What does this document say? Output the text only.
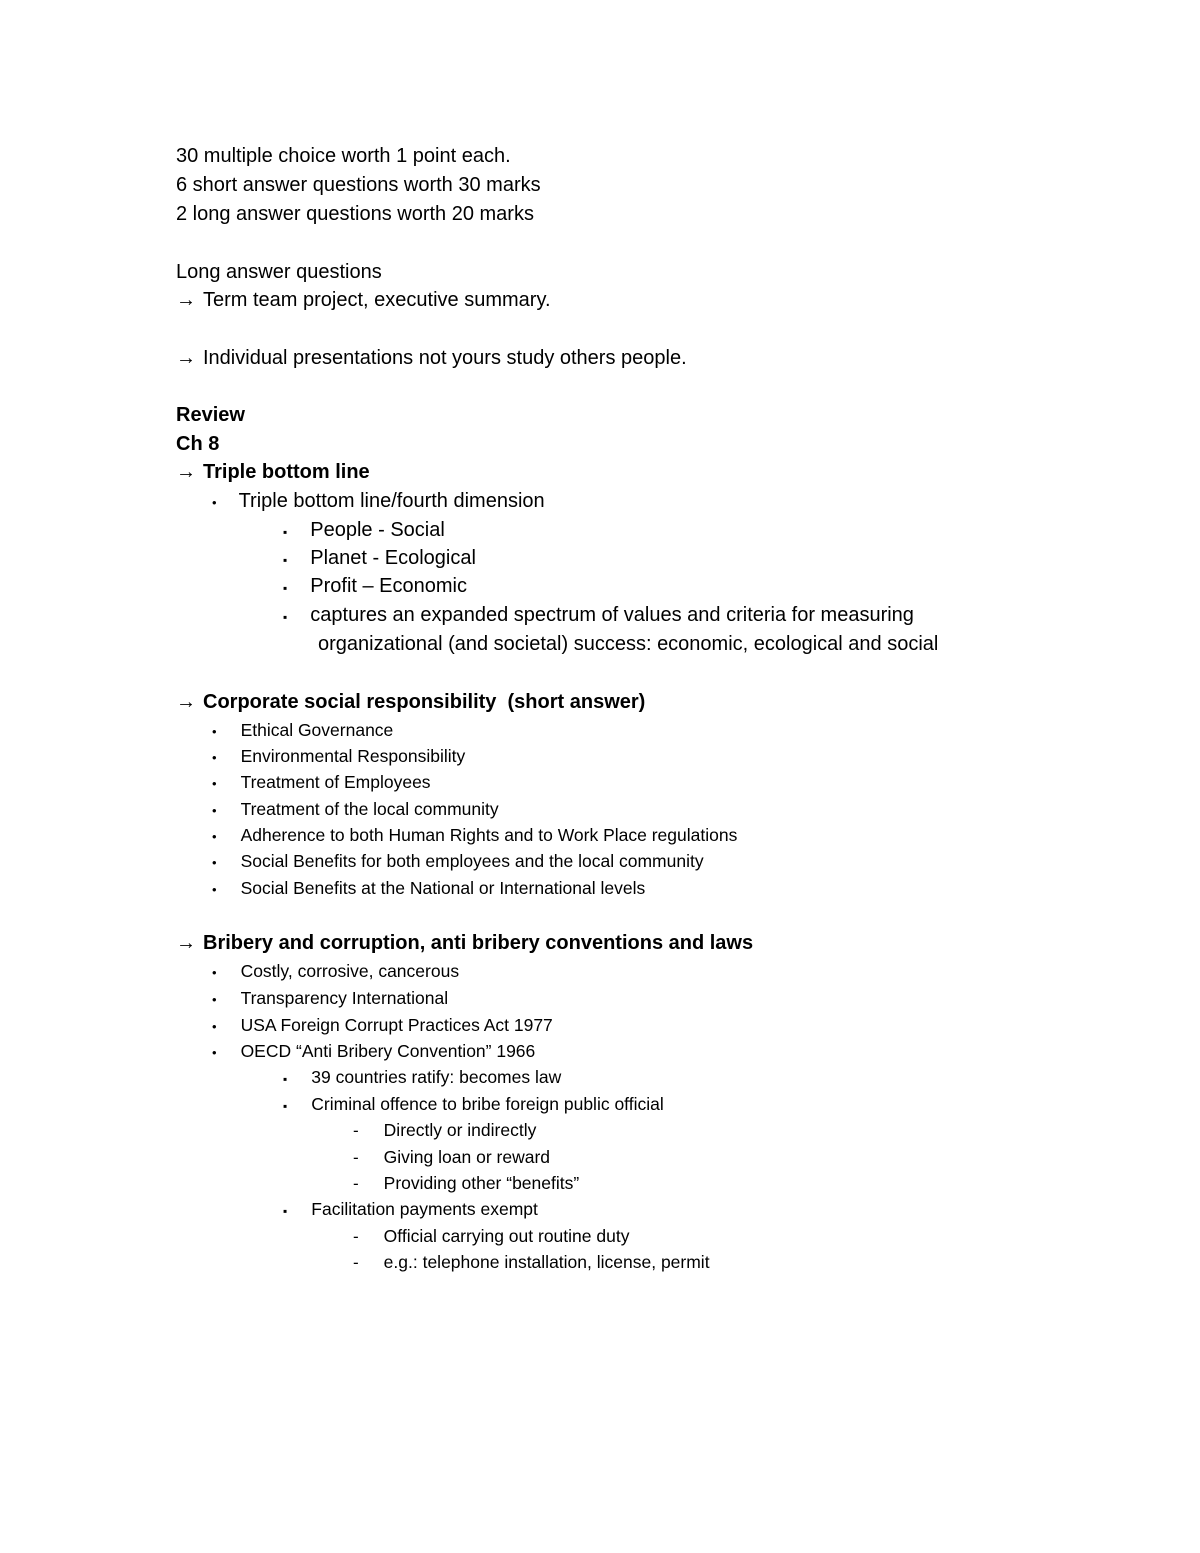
30 multiple choice worth 1 point each.
6 short answer questions worth 30 marks
2 long answer questions worth 20 marks
Long answer questions
→ Term team project, executive summary.
→ Individual presentations not yours study others people.
Review
Ch 8
→ Triple bottom line
• Triple bottom line/fourth dimension
▪ People - Social
▪ Planet - Ecological
▪ Profit – Economic
▪ captures an expanded spectrum of values and criteria for measuring
organizational (and societal) success: economic, ecological and social
→ Corporate social responsibility  (short answer)
• Ethical Governance
• Environmental Responsibility
• Treatment of Employees
• Treatment of the local community
• Adherence to both Human Rights and to Work Place regulations
• Social Benefits for both employees and the local community
• Social Benefits at the National or International levels
→ Bribery and corruption, anti bribery conventions and laws
• Costly, corrosive, cancerous
• Transparency International
• USA Foreign Corrupt Practices Act 1977
• OECD “Anti Bribery Convention” 1966
▪ 39 countries ratify: becomes law
▪ Criminal offence to bribe foreign public official
- Directly or indirectly
- Giving loan or reward
- Providing other “benefits”
▪ Facilitation payments exempt
- Official carrying out routine duty
- e.g.: telephone installation, license, permit
